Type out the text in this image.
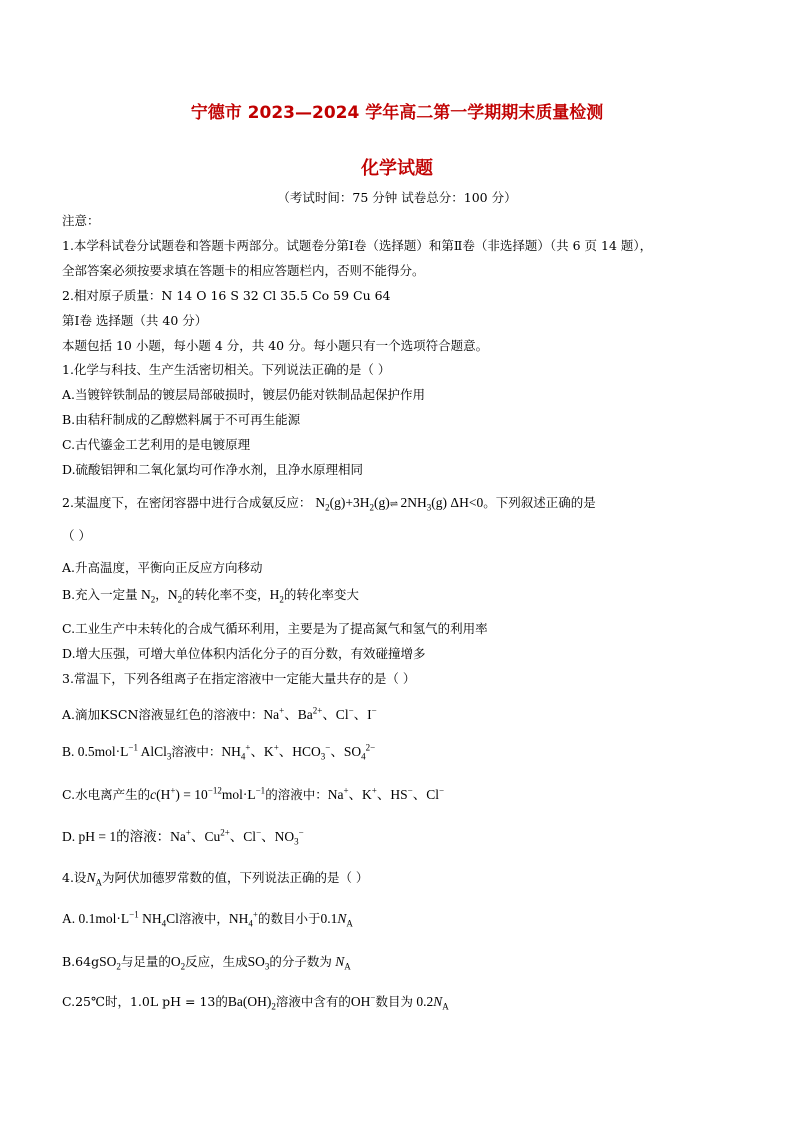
宁德市 2023—2024 学年高二第一学期期末质量检测
化学试题
（考试时间：75 分钟 试卷总分：100 分）
注意：
1.本学科试卷分试题卷和答题卡两部分。试题卷分第Ⅰ卷（选择题）和第Ⅱ卷（非选择题）（共 6 页 14 题），
全部答案必须按要求填在答题卡的相应答题栏内，否则不能得分。
2.相对原子质量：N 14 O 16 S 32 Cl 35.5 Co 59 Cu 64
第Ⅰ卷 选择题（共 40 分）
本题包括 10 小题，每小题 4 分，共 40 分。每小题只有一个选项符合题意。
1.化学与科技、生产生活密切相关。下列说法正确的是（ ）
A.当镀锌铁制品的镀层局部破损时，镀层仍能对铁制品起保护作用
B.由秸秆制成的乙醇燃料属于不可再生能源
C.古代鎏金工艺利用的是电镀原理
D.硫酸铝钾和二氧化氯均可作净水剂，且净水原理相同
2.某温度下，在密闭容器中进行合成氨反应： $N_2(g)+3H_2(g)\rightleftharpoons$ $2NH_3(g)$ ΔH<0。下列叙述正确的是
（ ）
A.升高温度，平衡向正反应方向移动
B.充入一定量 $N_2$，$N_2$的转化率不变，$H_2$的转化率变大
C.工业生产中未转化的合成气循环利用，主要是为了提高氮气和氢气的利用率
D.增大压强，可增大单位体积内活化分子的百分数，有效碰撞增多
3.常温下，下列各组离子在指定溶液中一定能大量共存的是（ ）
A.滴加KSCN溶液显红色的溶液中：Na+、$Ba^{2+}$、Cl−、I−
B. $0.5mol\cdot L^{-1}$ AlCl$_3$溶液中：$NH_4^+$、K+、$HCO_3^-$、$SO_4^{2-}$
C.水电离产生的$c(H^+) = 10^{-12}mol\cdot L^{-1}$的溶液中：Na+、K+、HS−、Cl−
D. pH = 1的溶液：Na+、$Cu^{2+}$、Cl−、$NO_3^-$
4.设$N_A$为阿伏加德罗常数的值，下列说法正确的是（ ）
A. $0.1mol\cdot L^{-1}$ $NH_4Cl$溶液中，$NH_4^+$的数目小于$0.1N_A$
B.64gSO$_2$与足量的$O_2$反应，生成$SO_3$的分子数为 $N_A$
C.25℃时，1.0L pH = 13的$Ba(OH)_2$溶液中含有的OH−数目为 $0.2N_A$
